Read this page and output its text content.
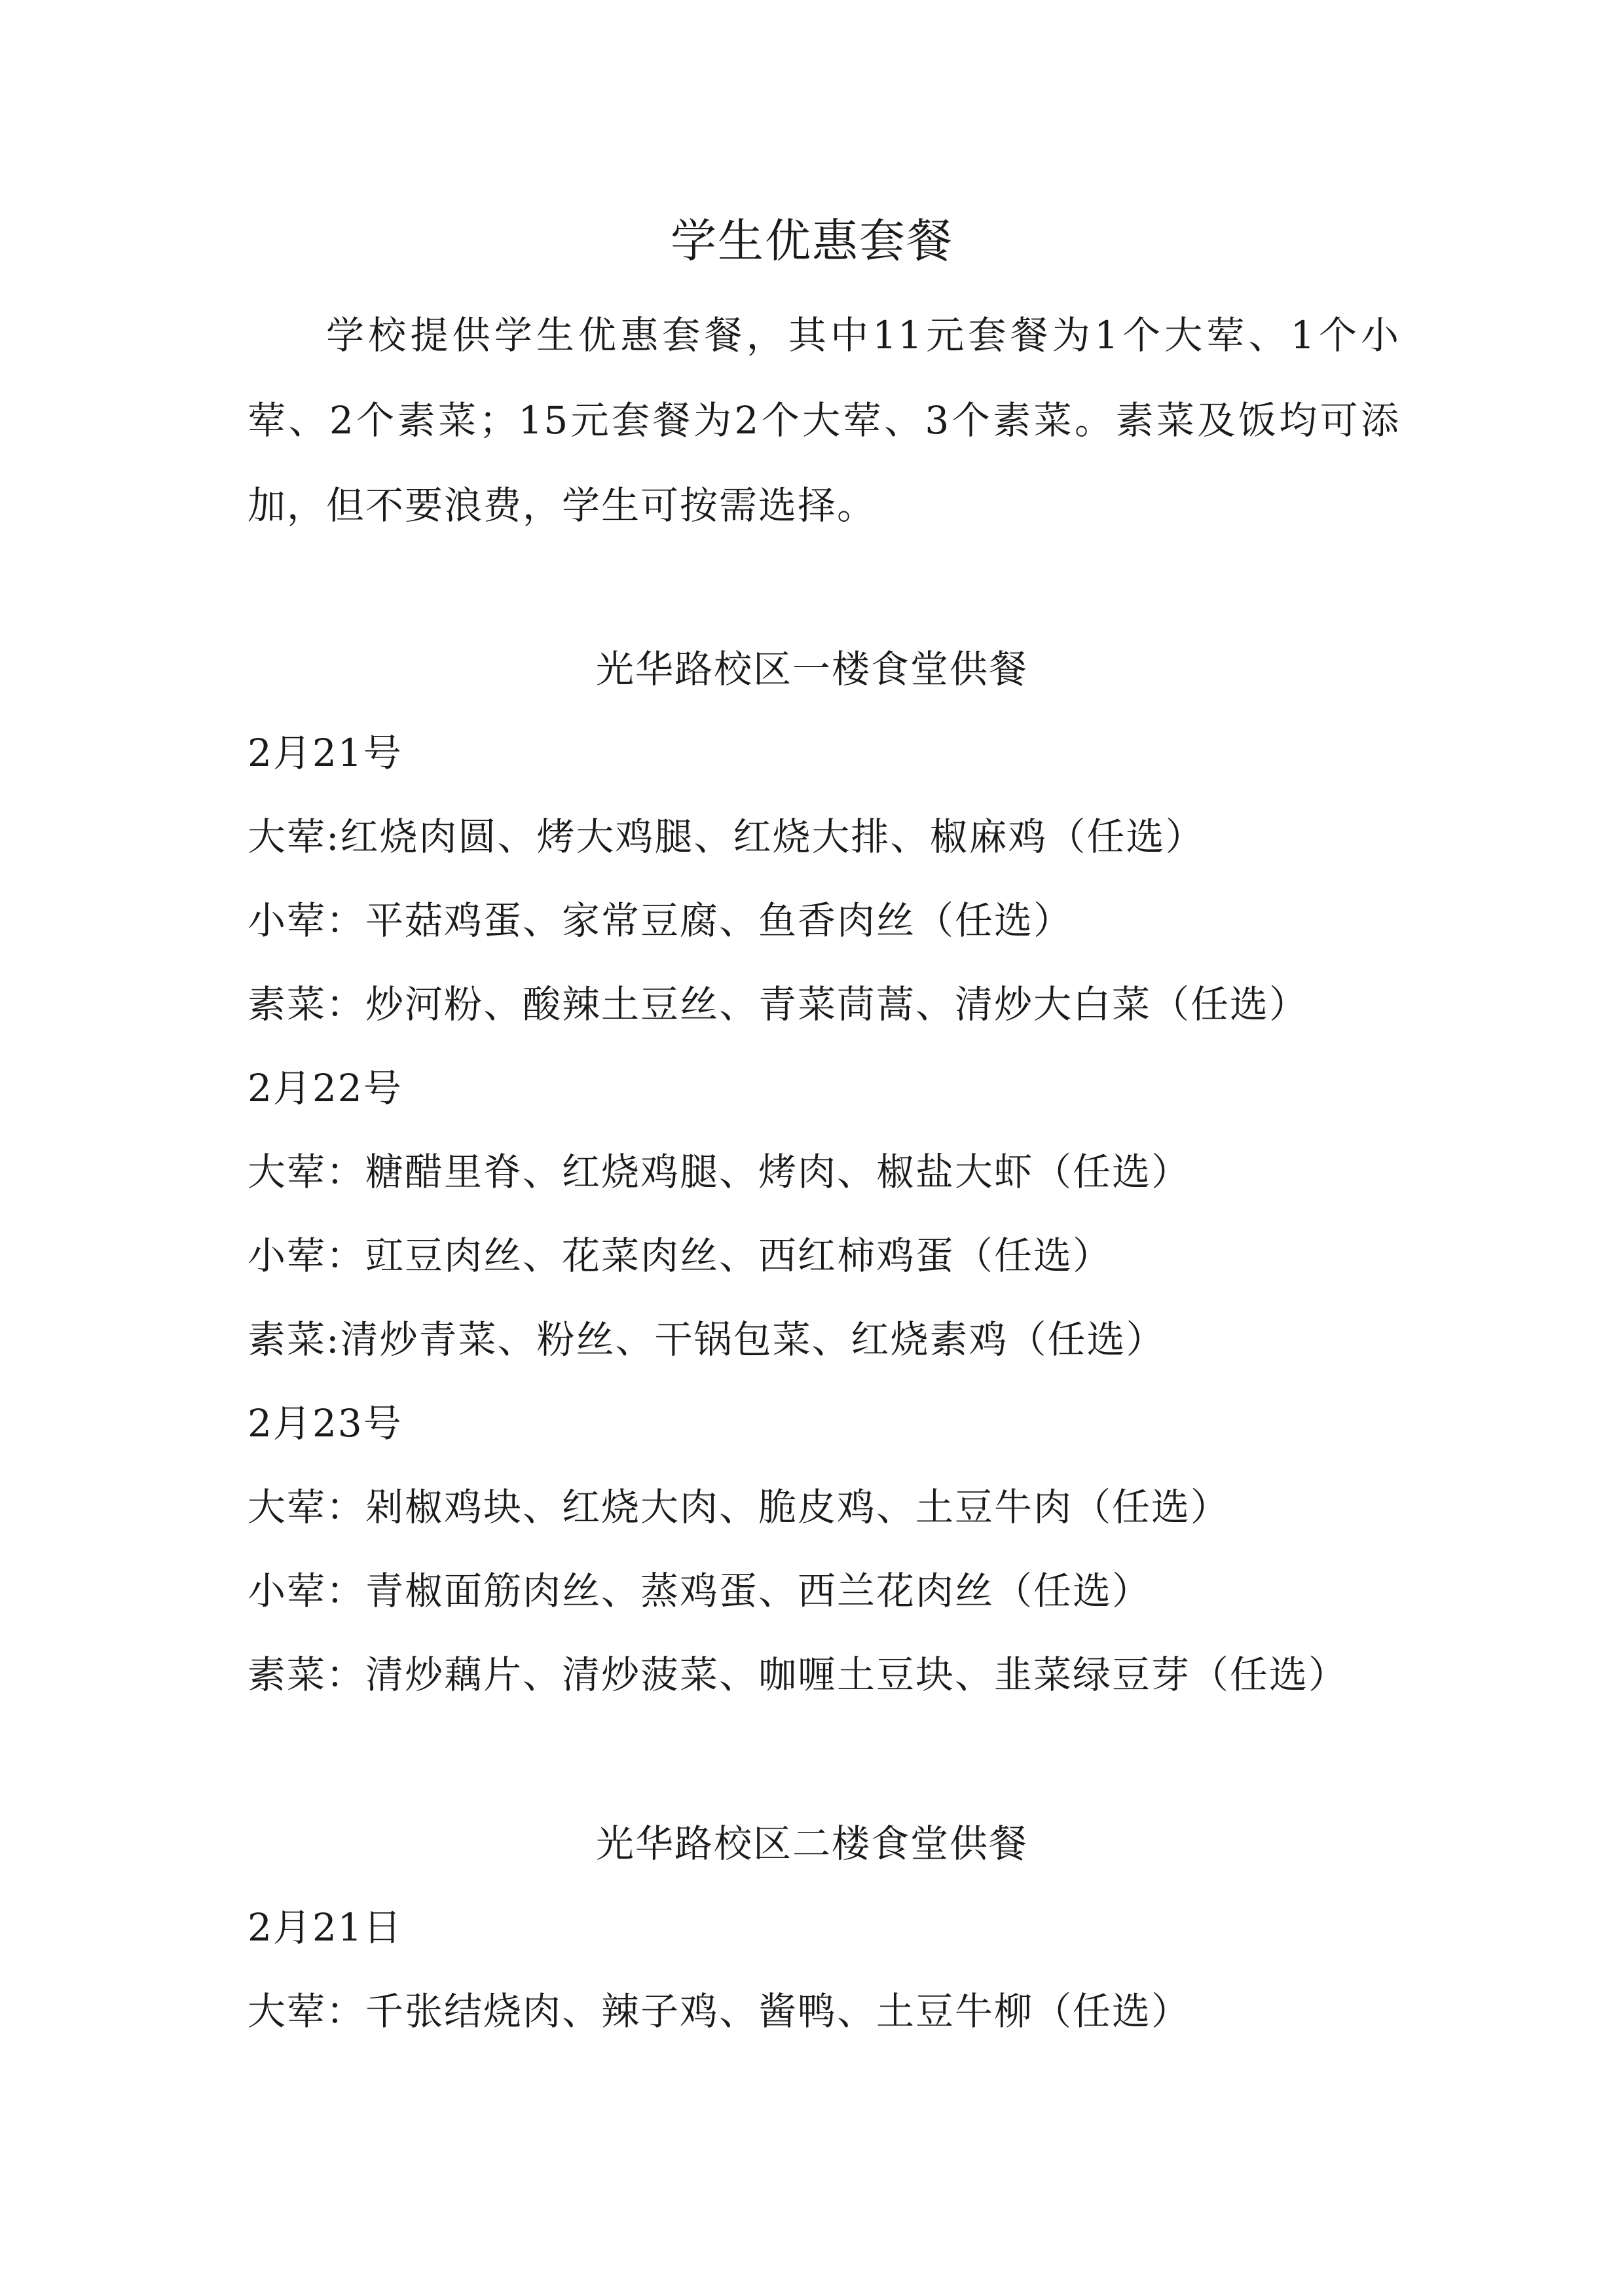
学生优惠套餐
学校提供学生优惠套餐，其中11元套餐为1个大荤、1个小荤、2个素菜；15元套餐为2个大荤、3个素菜。素菜及饭均可添加，但不要浪费，学生可按需选择。
光华路校区一楼食堂供餐
2月21号
大荤:红烧肉圆、烤大鸡腿、红烧大排、椒麻鸡（任选）
小荤：平菇鸡蛋、家常豆腐、鱼香肉丝（任选）
素菜：炒河粉、酸辣土豆丝、青菜茼蒿、清炒大白菜（任选）
2月22号
大荤：糖醋里脊、红烧鸡腿、烤肉、椒盐大虾（任选）
小荤：豇豆肉丝、花菜肉丝、西红柿鸡蛋（任选）
素菜:清炒青菜、粉丝、干锅包菜、红烧素鸡（任选）
2月23号
大荤：剁椒鸡块、红烧大肉、脆皮鸡、土豆牛肉（任选）
小荤：青椒面筋肉丝、蒸鸡蛋、西兰花肉丝（任选）
素菜：清炒藕片、清炒菠菜、咖喱土豆块、韭菜绿豆芽（任选）
光华路校区二楼食堂供餐
2月21日
大荤：千张结烧肉、辣子鸡、酱鸭、土豆牛柳（任选）
